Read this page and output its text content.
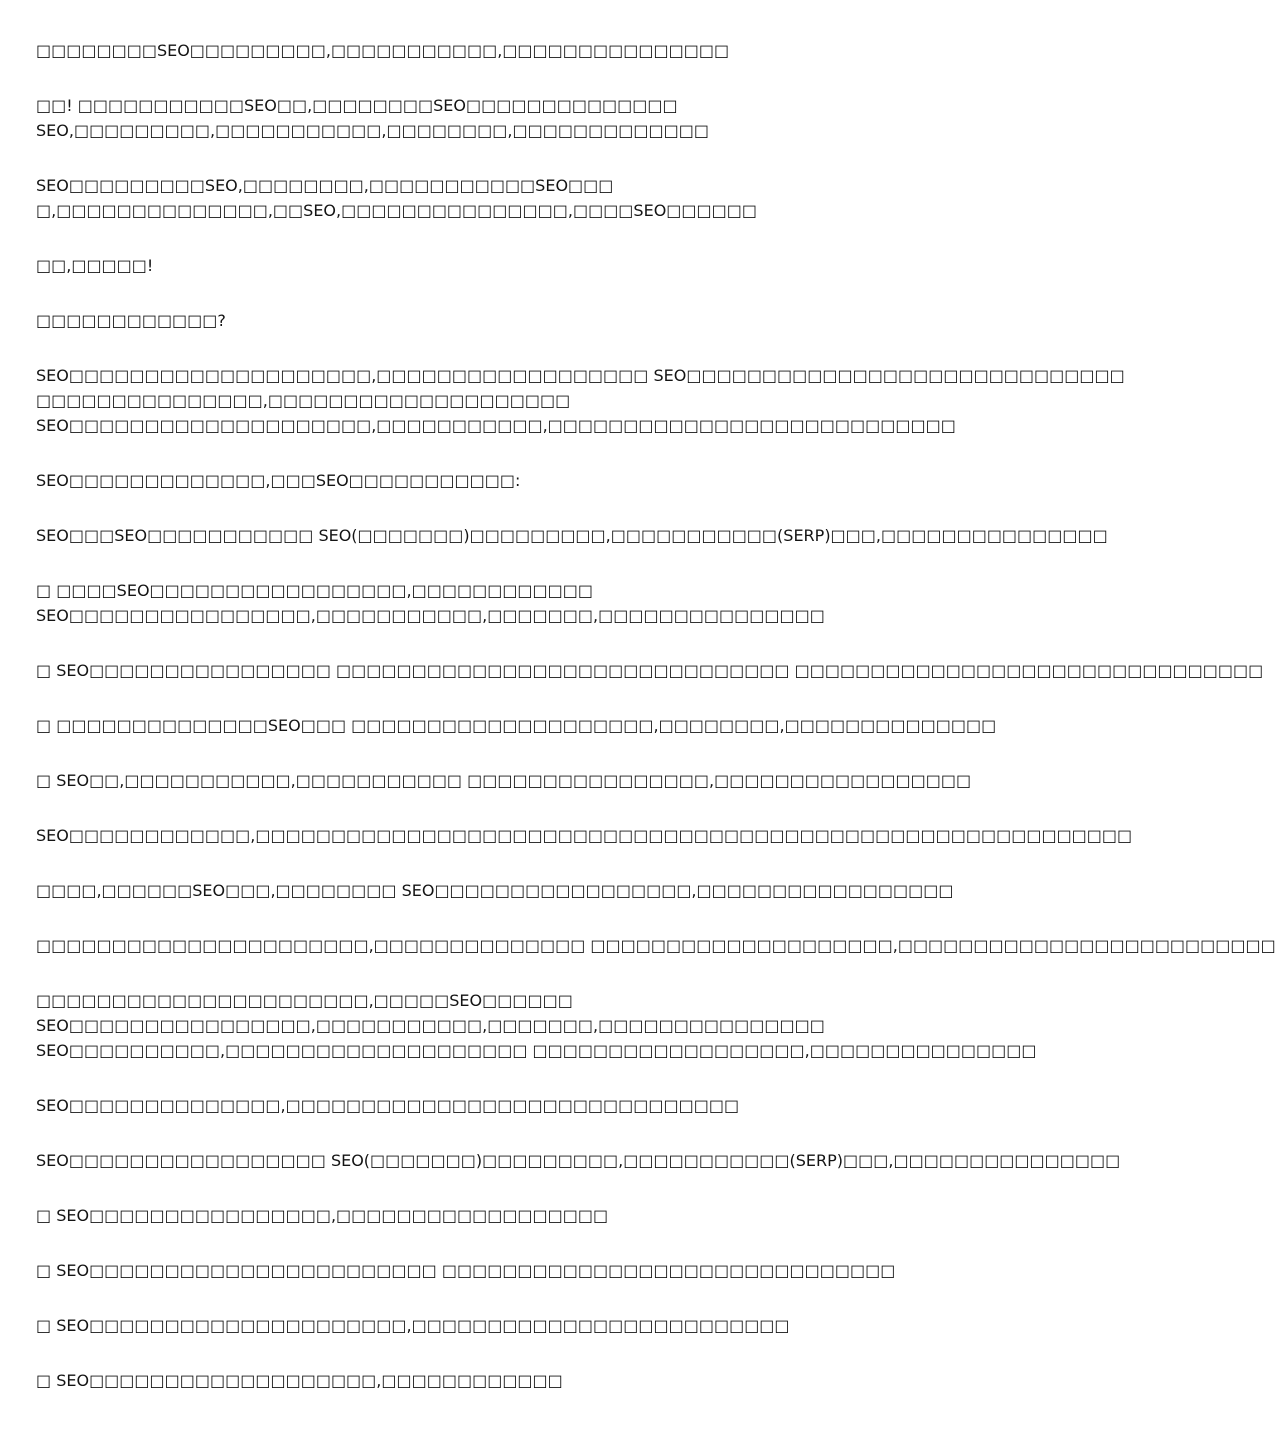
□□□□□□□□SEO□□□□□□□□□,□□□□□□□□□□□,□□□□□□□□□□□□□□□
□□! □□□□□□□□□□□SEO□□,□□□□□□□□SEO□□□□□□□□□□□□□□
SEO,□□□□□□□□□,□□□□□□□□□□□,□□□□□□□□,□□□□□□□□□□□□□
SEO□□□□□□□□□SEO,□□□□□□□□,□□□□□□□□□□□SEO□□□
□,□□□□□□□□□□□□□□,□□SEO,□□□□□□□□□□□□□□□,□□□□SEO□□□□□□
□□,□□□□□!
□□□□□□□□□□□□?
SEO□□□□□□□□□□□□□□□□□□□□,□□□□□□□□□□□□□□□□□□ SEO□□□□□□□□□□□□□□□□□□□□□□□□□□□□□
□□□□□□□□□□□□□□□,□□□□□□□□□□□□□□□□□□□□
SEO□□□□□□□□□□□□□□□□□□□□,□□□□□□□□□□□,□□□□□□□□□□□□□□□□□□□□□□□□□□□
SEO□□□□□□□□□□□□□,□□□SEO□□□□□□□□□□□:
SEO□□□SEO□□□□□□□□□□□ SEO(□□□□□□□)□□□□□□□□□,□□□□□□□□□□□(SERP)□□□,□□□□□□□□□□□□□□□
□ □□□□SEO□□□□□□□□□□□□□□□□□,□□□□□□□□□□□□
SEO□□□□□□□□□□□□□□□□,□□□□□□□□□□□,□□□□□□□,□□□□□□□□□□□□□□□
□ SEO□□□□□□□□□□□□□□□□ □□□□□□□□□□□□□□□□□□□□□□□□□□□□□□ □□□□□□□□□□□□□□□□□□□□□□□□□□□□□□□
□ □□□□□□□□□□□□□□SEO□□□ □□□□□□□□□□□□□□□□□□□□,□□□□□□□□,□□□□□□□□□□□□□□
□ SEO□□,□□□□□□□□□□□,□□□□□□□□□□□ □□□□□□□□□□□□□□□□,□□□□□□□□□□□□□□□□□
SEO□□□□□□□□□□□□,□□□□□□□□□□□□□□□□□□□□□□□□□□□□□□□□□□□□□□□□□□□□□□□□□□□□□□□□□□
□□□□,□□□□□□SEO□□□,□□□□□□□□ SEO□□□□□□□□□□□□□□□□□,□□□□□□□□□□□□□□□□□
□□□□□□□□□□□□□□□□□□□□□□,□□□□□□□□□□□□□□ □□□□□□□□□□□□□□□□□□□□,□□□□□□□□□□□□□□□□□□□□□□□□□
□□□□□□□□□□□□□□□□□□□□□□,□□□□□SEO□□□□□□
SEO□□□□□□□□□□□□□□□□,□□□□□□□□□□□,□□□□□□□,□□□□□□□□□□□□□□□
SEO□□□□□□□□□□,□□□□□□□□□□□□□□□□□□□□ □□□□□□□□□□□□□□□□□□,□□□□□□□□□□□□□□□
SEO□□□□□□□□□□□□□□,□□□□□□□□□□□□□□□□□□□□□□□□□□□□□□
SEO□□□□□□□□□□□□□□□□□ SEO(□□□□□□□)□□□□□□□□□,□□□□□□□□□□□(SERP)□□□,□□□□□□□□□□□□□□□
□ SEO□□□□□□□□□□□□□□□□,□□□□□□□□□□□□□□□□□□
□ SEO□□□□□□□□□□□□□□□□□□□□□□□ □□□□□□□□□□□□□□□□□□□□□□□□□□□□□□
□ SEO□□□□□□□□□□□□□□□□□□□□□,□□□□□□□□□□□□□□□□□□□□□□□□□
□ SEO□□□□□□□□□□□□□□□□□□□,□□□□□□□□□□□□
